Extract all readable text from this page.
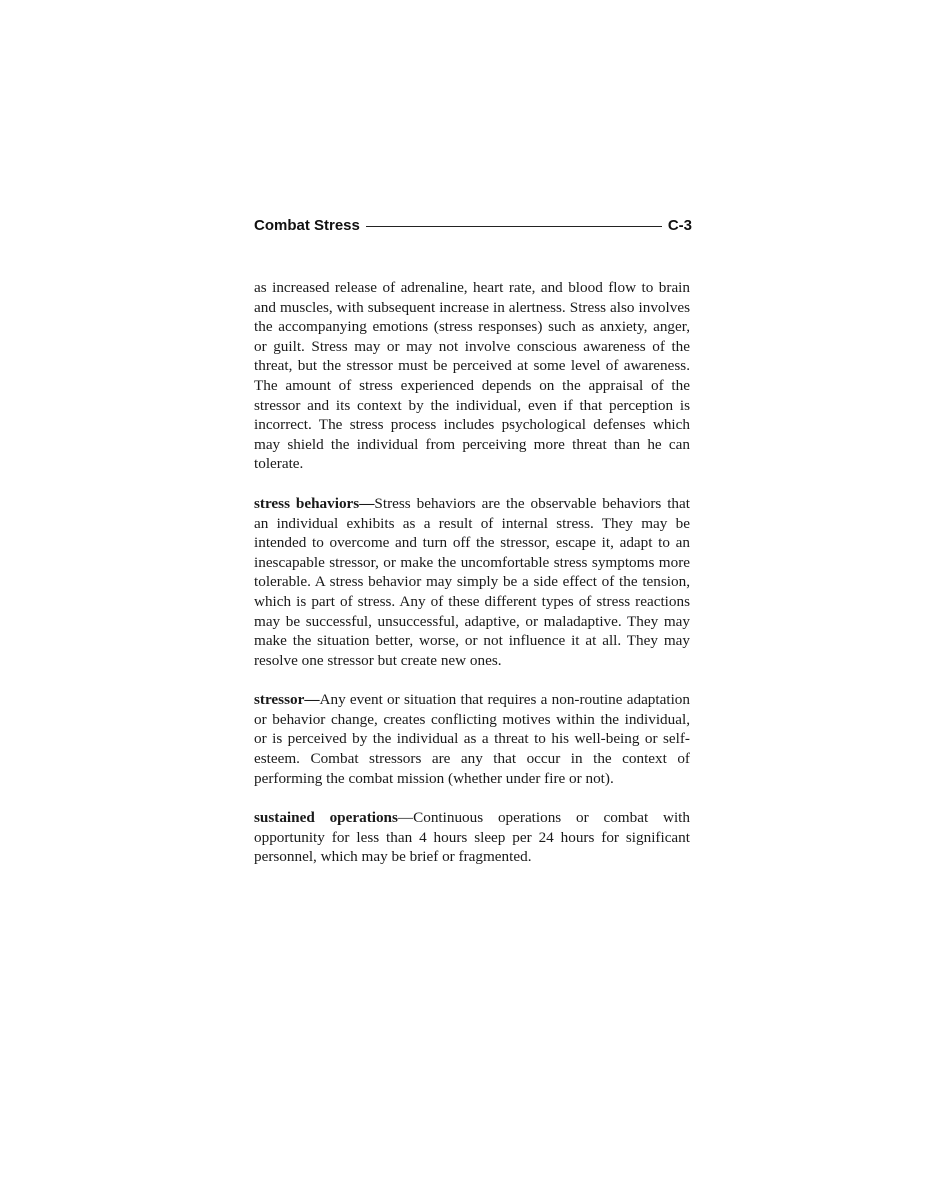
Combat Stress	C-3

as increased release of adrenaline, heart rate, and blood flow to brain and muscles, with subsequent increase in alertness. Stress also involves the accompanying emotions (stress responses) such as anxiety, anger, or guilt. Stress may or may not involve conscious awareness of the threat, but the stressor must be perceived at some level of awareness. The amount of stress experienced depends on the appraisal of the stressor and its context by the individual, even if that perception is incorrect. The stress process includes psychological defenses which may shield the individual from perceiving more threat than he can tolerate.

stress behaviors—Stress behaviors are the observable behaviors that an individual exhibits as a result of internal stress. They may be intended to overcome and turn off the stressor, escape it, adapt to an inescapable stressor, or make the uncomfortable stress symptoms more tolerable. A stress behavior may simply be a side effect of the tension, which is part of stress. Any of these different types of stress reactions may be successful, unsuccessful, adaptive, or maladaptive. They may make the situation better, worse, or not influence it at all. They may resolve one stressor but create new ones.

stressor—Any event or situation that requires a non-routine adaptation or behavior change, creates conflicting motives within the individual, or is perceived by the individual as a threat to his well-being or self-esteem. Combat stressors are any that occur in the context of performing the combat mission (whether under fire or not).

sustained operations—Continuous operations or combat with opportunity for less than 4 hours sleep per 24 hours for significant personnel, which may be brief or fragmented.
